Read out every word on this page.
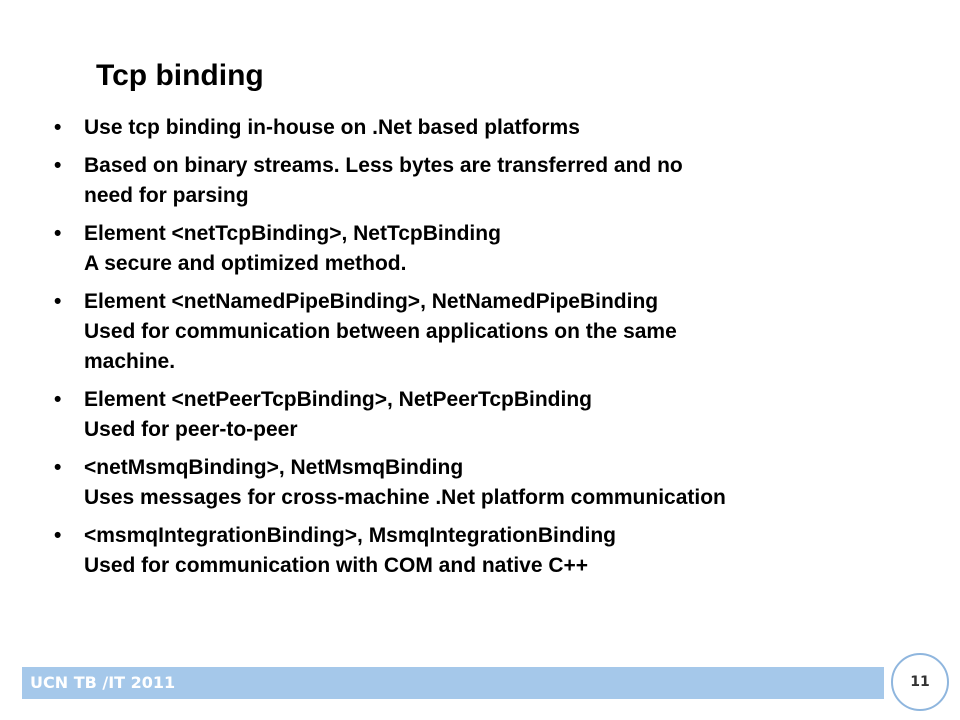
Tcp binding
•	Use tcp binding in-house on .Net based platforms
•	Based on binary streams. Less bytes are transferred and no
need for parsing
•	Element <netTcpBinding>, NetTcpBinding
A secure and optimized method.
•	Element <netNamedPipeBinding>, NetNamedPipeBinding
Used for communication between applications on the same
machine.
•	Element <netPeerTcpBinding>, NetPeerTcpBinding
Used for peer-to-peer
•	<netMsmqBinding>, NetMsmqBinding
Uses messages for cross-machine .Net platform communication
•	<msmqIntegrationBinding>, MsmqIntegrationBinding
Used for communication with COM and native C++
UCN TB /IT 2011	11
